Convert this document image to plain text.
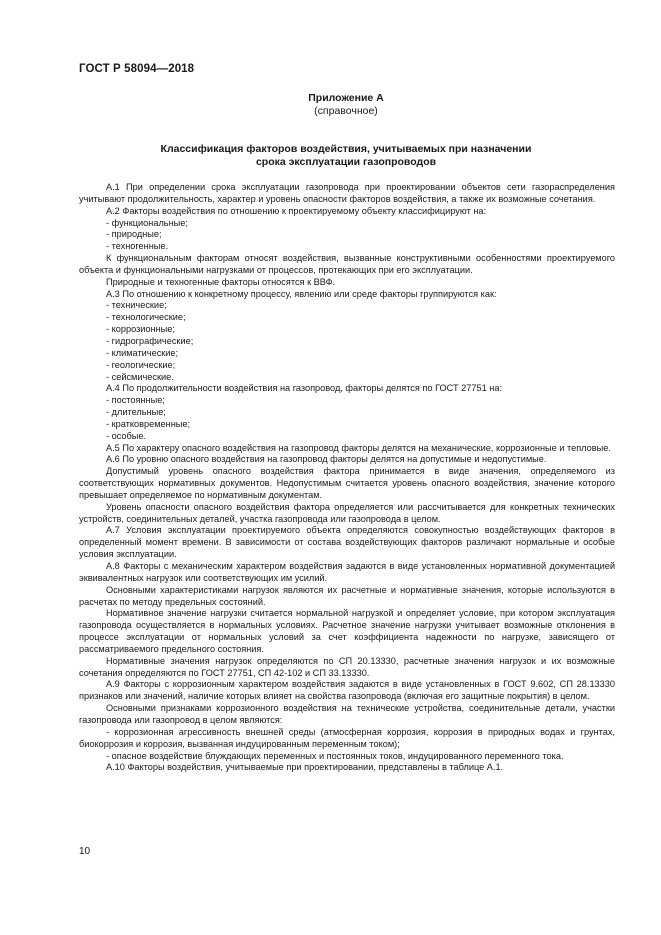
ГОСТ Р 58094—2018
Приложение А
(справочное)
Классификация факторов воздействия, учитываемых при назначении
срока эксплуатации газопроводов

А.1 При определении срока эксплуатации газопровода при проектировании объектов сети газораспределения учитывают продолжительность, характер и уровень опасности факторов воздействия, а также их возможные сочетания.

А.2 Факторы воздействия по отношению к проектируемому объекту классифицируют на:

- функциональные;

- природные;

- техногенные.

К функциональным факторам относят воздействия, вызванные конструктивными особенностями проектируемого объекта и функциональными нагрузками от процессов, протекающих при его эксплуатации.

Природные и техногенные факторы относятся к ВВФ.

А.3 По отношению к конкретному процессу, явлению или среде факторы группируются как:

- технические;

- технологические;

- коррозионные;

- гидрографические;

- климатические;

- геологические;

- сейсмические.

А.4 По продолжительности воздействия на газопровод, факторы делятся по ГОСТ 27751 на:

- постоянные;

- длительные;

- кратковременные;

- особые.

А.5 По характеру опасного воздействия на газопровод факторы делятся на механические, коррозионные и тепловые.

А.6 По уровню опасного воздействия на газопровод факторы делятся на допустимые и недопустимые.

Допустимый уровень опасного воздействия фактора принимается в виде значения, определяемого из соответствующих нормативных документов. Недопустимым считается уровень опасного воздействия, значение которого превышает определяемое по нормативным документам.

Уровень опасности опасного воздействия фактора определяется или рассчитывается для конкретных технических устройств, соединительных деталей, участка газопровода или газопровода в целом.

А.7 Условия эксплуатации проектируемого объекта определяются совокупностью воздействующих факторов в определенный момент времени. В зависимости от состава воздействующих факторов различают нормальные и особые условия эксплуатации.

А.8 Факторы с механическим характером воздействия задаются в виде установленных нормативной документацией эквивалентных нагрузок или соответствующих им усилий.

Основными характеристиками нагрузок являются их расчетные и нормативные значения, которые используются в расчетах по методу предельных состояний.

Нормативное значение нагрузки считается нормальной нагрузкой и определяет условие, при котором эксплуатация газопровода осуществляется в нормальных условиях. Расчетное значение нагрузки учитывает возможные отклонения в процессе эксплуатации от нормальных условий за счет коэффициента надежности по нагрузке, зависящего от рассматриваемого предельного состояния.

Нормативные значения нагрузок определяются по СП 20.13330, расчетные значения нагрузок и их возможные сочетания определяются по ГОСТ 27751, СП 42-102 и СП 33.13330.

А.9 Факторы с коррозионным характером воздействия задаются в виде установленных в ГОСТ 9.602, СП 28.13330 признаков или значений, наличие которых влияет на свойства газопровода (включая его защитные покрытия) в целом.

Основными признаками коррозионного воздействия на технические устройства, соединительные детали, участки газопровода или газопровод в целом являются:

- коррозионная агрессивность внешней среды (атмосферная коррозия, коррозия в природных водах и грунтах, биокоррозия и коррозия, вызванная индуцированным переменным током);

- опасное воздействие блуждающих переменных и постоянных токов, индуцированного переменного тока.

А.10 Факторы воздействия, учитываемые при проектировании, представлены в таблице А.1.

10
